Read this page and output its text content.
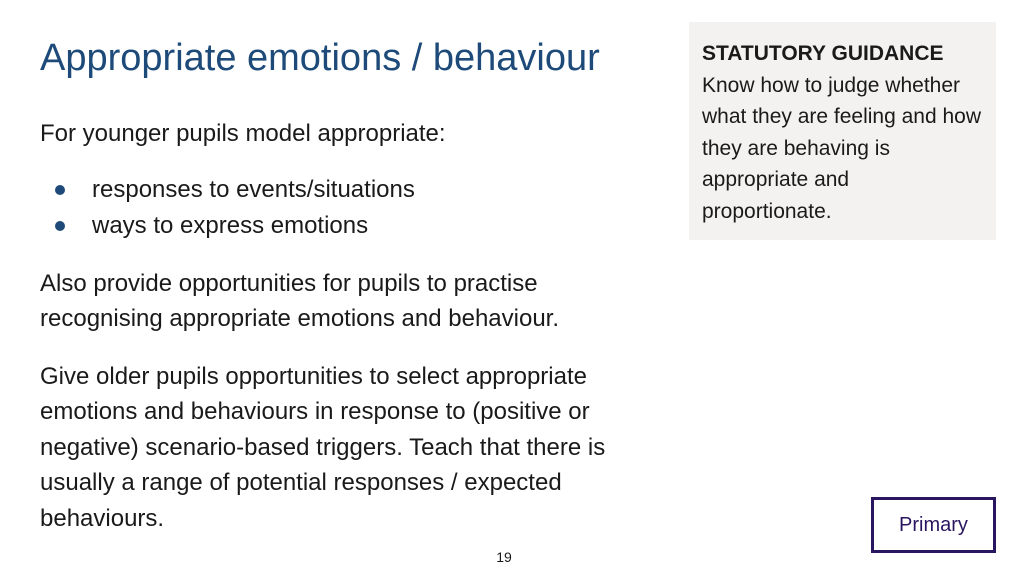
Appropriate emotions / behaviour

For younger pupils model appropriate:

responses to events/situations
ways to express emotions

Also provide opportunities for pupils to practise recognising appropriate emotions and behaviour.

Give older pupils opportunities to select appropriate emotions and behaviours in response to (positive or negative) scenario-based triggers. Teach that there is usually a range of potential responses / expected behaviours.

STATUTORY GUIDANCE
Know how to judge whether what they are feeling and how they are behaving is appropriate and proportionate.
Primary
19
